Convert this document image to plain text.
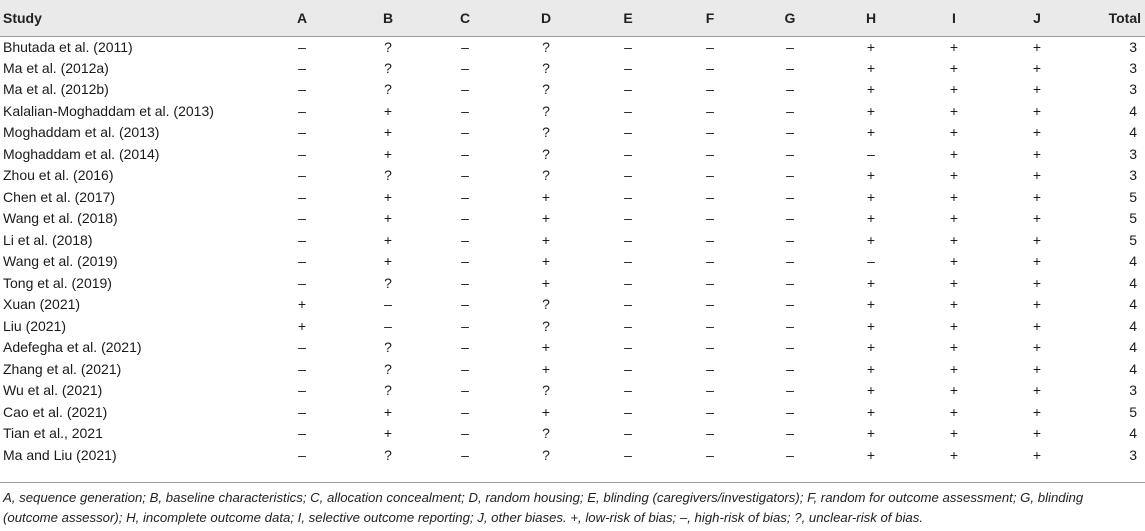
Study	A	B	C	D	E	F	G	H	I	J	Total
Bhutada et al. (2011)	–	?	–	?	–	–	–	+	+	+	3
Ma et al. (2012a)	–	?	–	?	–	–	–	+	+	+	3
Ma et al. (2012b)	–	?	–	?	–	–	–	+	+	+	3
Kalalian-Moghaddam et al. (2013)	–	+	–	?	–	–	–	+	+	+	4
Moghaddam et al. (2013)	–	+	–	?	–	–	–	+	+	+	4
Moghaddam et al. (2014)	–	+	–	?	–	–	–	–	+	+	3
Zhou et al. (2016)	–	?	–	?	–	–	–	+	+	+	3
Chen et al. (2017)	–	+	–	+	–	–	–	+	+	+	5
Wang et al. (2018)	–	+	–	+	–	–	–	+	+	+	5
Li et al. (2018)	–	+	–	+	–	–	–	+	+	+	5
Wang et al. (2019)	–	+	–	+	–	–	–	–	+	+	4
Tong et al. (2019)	–	?	–	+	–	–	–	+	+	+	4
Xuan (2021)	+	–	–	?	–	–	–	+	+	+	4
Liu (2021)	+	–	–	?	–	–	–	+	+	+	4
Adefegha et al. (2021)	–	?	–	+	–	–	–	+	+	+	4
Zhang et al. (2021)	–	?	–	+	–	–	–	+	+	+	4
Wu et al. (2021)	–	?	–	?	–	–	–	+	+	+	3
Cao et al. (2021)	–	+	–	+	–	–	–	+	+	+	5
Tian et al., 2021	–	+	–	?	–	–	–	+	+	+	4
Ma and Liu (2021)	–	?	–	?	–	–	–	+	+	+	3
A, sequence generation; B, baseline characteristics; C, allocation concealment; D, random housing; E, blinding (caregivers/investigators); F, random for outcome assessment; G, blinding (outcome assessor); H, incomplete outcome data; I, selective outcome reporting; J, other biases. +, low-risk of bias; –, high-risk of bias; ?, unclear-risk of bias.
